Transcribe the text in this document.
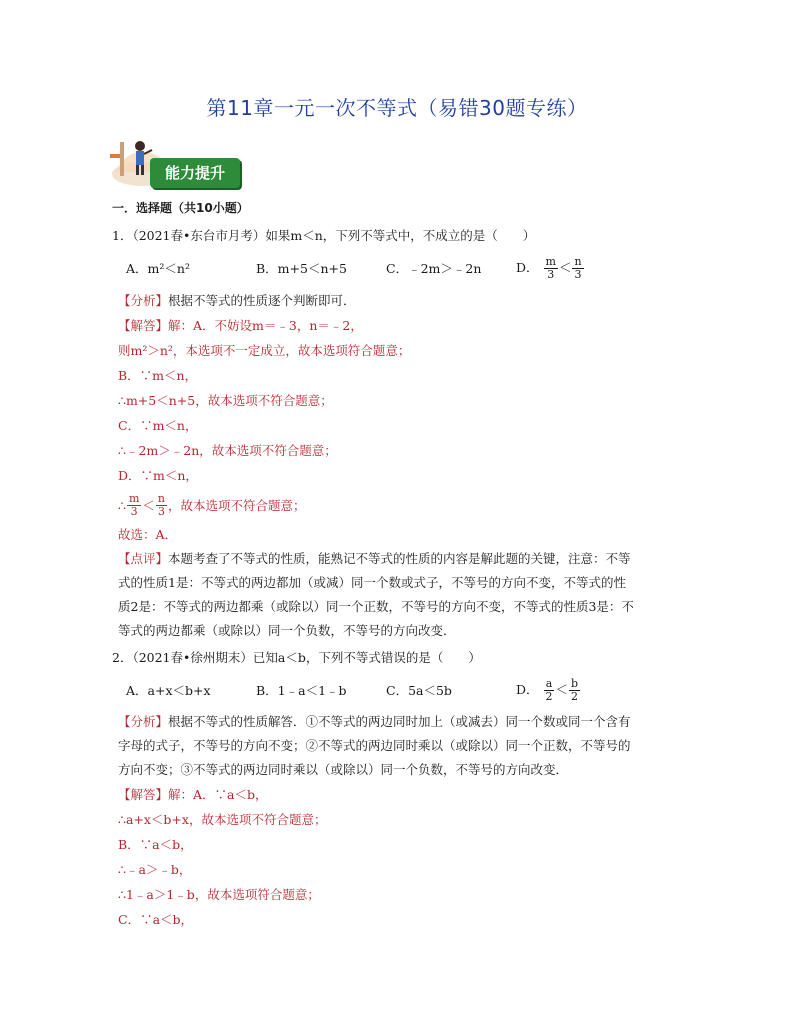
第11章一元一次不等式（易错30题专练）
能力提升
一．选择题（共10小题）
1．（2021春•东台市月考）如果m＜n，下列不等式中，不成立的是（　　）
A．m²＜n²	B．m+5＜n+5	C．﹣2m＞﹣2n	D． $\frac{m}{3} < \frac{n}{3}$
【分析】根据不等式的性质逐个判断即可．
【解答】解：A．不妨设m＝﹣3，n＝﹣2，
则m²＞n²，本选项不一定成立，故本选项符合题意；
B．∵m＜n，
∴m+5＜n+5，故本选项不符合题意；
C．∵m＜n，
∴﹣2m＞﹣2n，故本选项不符合题意；
D．∵m＜n，
∴ $\frac{m}{3} < \frac{n}{3}$ ，故本选项不符合题意；
故选：A．
【点评】本题考查了不等式的性质，能熟记不等式的性质的内容是解此题的关键，注意：不等
式的性质1是：不等式的两边都加（或减）同一个数或式子，不等号的方向不变，不等式的性
质2是：不等式的两边都乘（或除以）同一个正数，不等号的方向不变，不等式的性质3是：不
等式的两边都乘（或除以）同一个负数，不等号的方向改变．
2．（2021春•徐州期末）已知a＜b，下列不等式错误的是（　　）
A．a+x＜b+x	B．1﹣a＜1﹣b	C．5a＜5b	D． $\frac{a}{2} < \frac{b}{2}$
【分析】根据不等式的性质解答．①不等式的两边同时加上（或减去）同一个数或同一个含有
字母的式子，不等号的方向不变；②不等式的两边同时乘以（或除以）同一个正数，不等号的
方向不变；③不等式的两边同时乘以（或除以）同一个负数，不等号的方向改变．
【解答】解：A．∵a＜b，
∴a+x＜b+x，故本选项不符合题意；
B．∵a＜b，
∴﹣a＞﹣b，
∴1﹣a＞1﹣b，故本选项符合题意；
C．∵a＜b，
